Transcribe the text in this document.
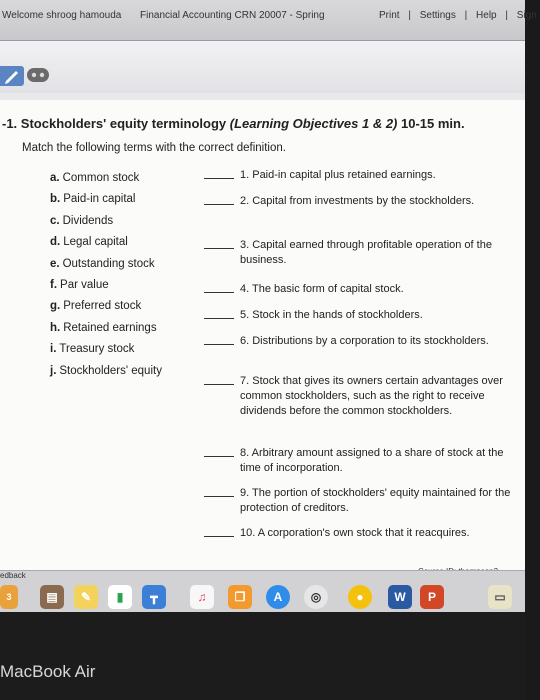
Welcome shroog hamouda Financial Accounting CRN 20007 - Spring	Print | Settings | Help | Sign
-1. Stockholders' equity terminology (Learning Objectives 1 & 2) 10-15 min.
Match the following terms with the correct definition.
a. Common stock
b. Paid-in capital
c. Dividends
d. Legal capital
e. Outstanding stock
f. Par value
g. Preferred stock
h. Retained earnings
i. Treasury stock
j. Stockholders' equity
1. Paid-in capital plus retained earnings.
2. Capital from investments by the stockholders.
3. Capital earned through profitable operation of the business.
4. The basic form of capital stock.
5. Stock in the hands of stockholders.
6. Distributions by a corporation to its stockholders.
7. Stock that gives its owners certain advantages over common stockholders, such as the right to receive dividends before the common stockholders.
8. Arbitrary amount assigned to a share of stock at the time of incorporation.
9. The portion of stockholders' equity maintained for the protection of creditors.
10. A corporation's own stock that it reacquires.
edback
3	▤	✎	▮	┳	♫	❐	A	◎	●	W	P	▭
MacBook Air
